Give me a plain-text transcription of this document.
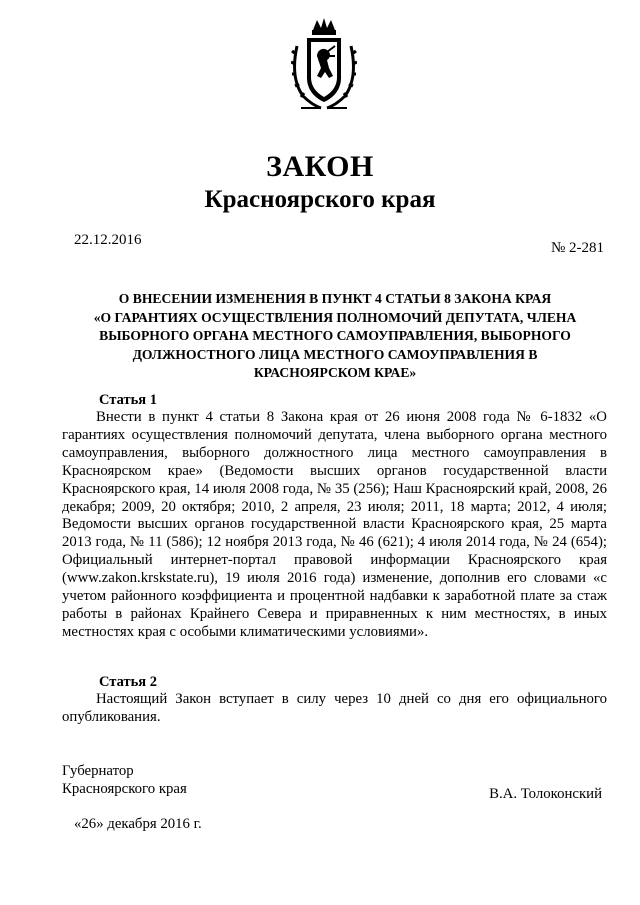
ЗАКОН
Красноярского края
22.12.2016	№ 2-281
О ВНЕСЕНИИ ИЗМЕНЕНИЯ В ПУНКТ 4 СТАТЬИ 8 ЗАКОНА КРАЯ
«О ГАРАНТИЯХ ОСУЩЕСТВЛЕНИЯ ПОЛНОМОЧИЙ ДЕПУТАТА, ЧЛЕНА
ВЫБОРНОГО ОРГАНА МЕСТНОГО САМОУПРАВЛЕНИЯ, ВЫБОРНОГО
ДОЛЖНОСТНОГО ЛИЦА МЕСТНОГО САМОУПРАВЛЕНИЯ В
КРАСНОЯРСКОМ КРАЕ»
Статья 1

Внести в пункт 4 статьи 8 Закона края от 26 июня 2008 года № 6-1832 «О гарантиях осуществления полномочий депутата, члена выборного органа местного самоуправления, выборного должностного лица местного самоуправления в Красноярском крае» (Ведомости высших органов государственной власти Красноярского края, 14 июля 2008 года, № 35 (256); Наш Красноярский край, 2008, 26 декабря; 2009, 20 октября; 2010, 2 апреля, 23 июля; 2011, 18 марта; 2012, 4 июля; Ведомости высших органов государственной власти Красноярского края, 25 марта 2013 года, № 11 (586); 12 ноября 2013 года, № 46 (621); 4 июля 2014 года, № 24 (654); Официальный интернет-портал правовой информации Красноярского края (www.zakon.krskstate.ru), 19 июля 2016 года) изменение, дополнив его словами «с учетом районного коэффициента и процентной надбавки к заработной плате за стаж работы в районах Крайнего Севера и приравненных к ним местностях, в иных местностях края с особыми климатическими условиями».

Статья 2

Настоящий Закон вступает в силу через 10 дней со дня его официального опубликования.

Губернатор
Красноярского края	В.А. Толоконский
«26» декабря 2016 г.
